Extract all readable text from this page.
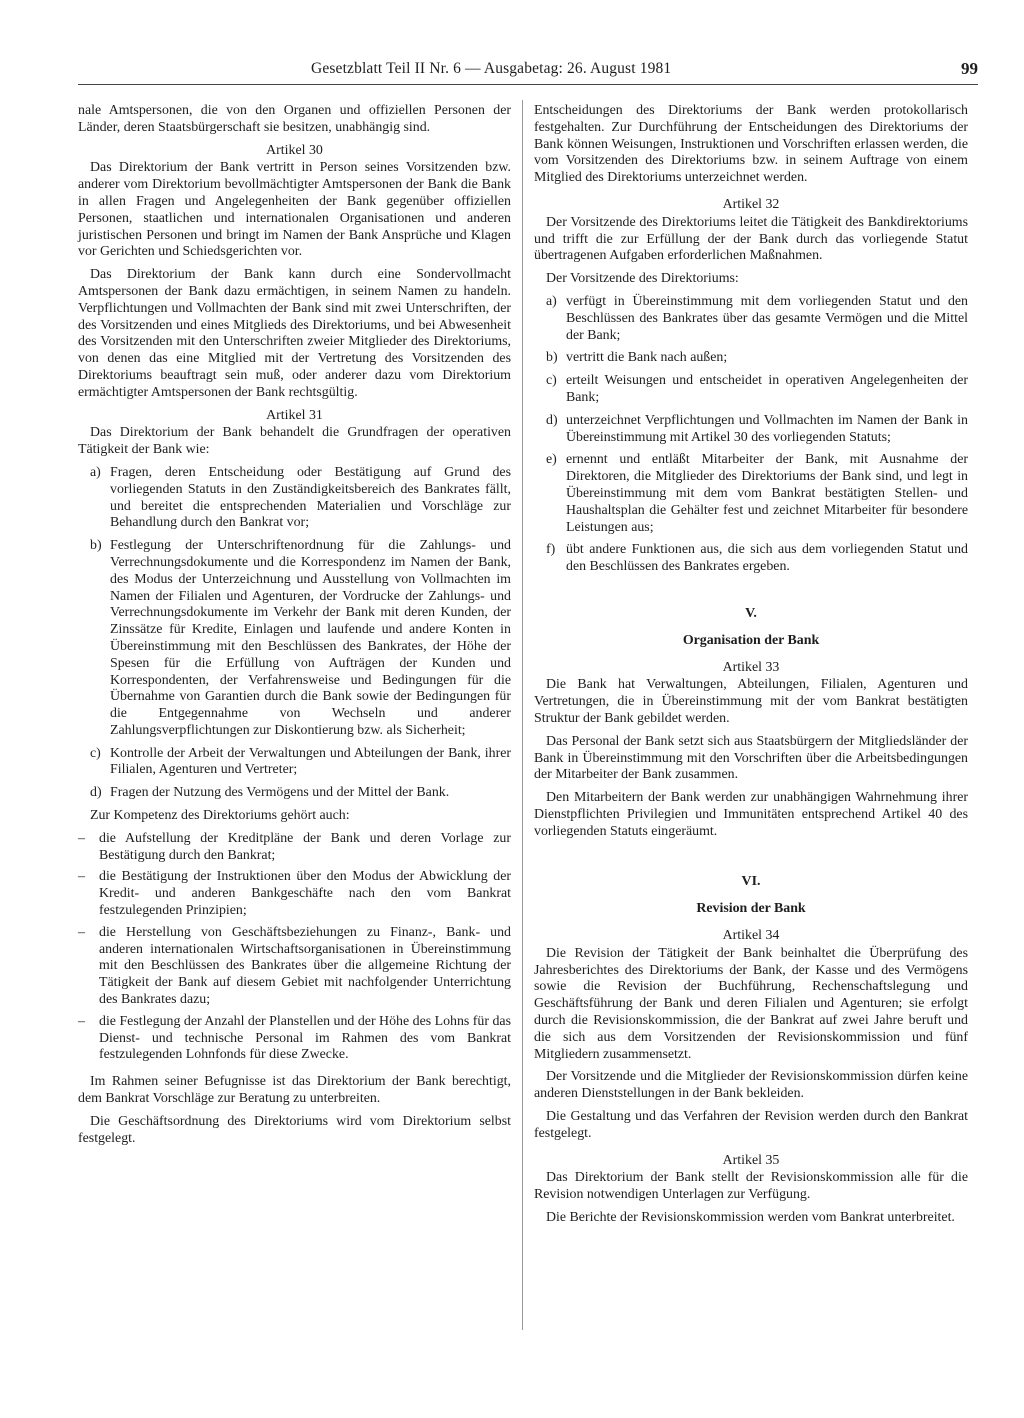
Gesetzblatt Teil II Nr. 6 — Ausgabetag: 26. August 1981	99

nale Amtspersonen, die von den Organen und offiziellen Personen der Länder, deren Staatsbürgerschaft sie besitzen, unabhängig sind.

Artikel 30

Das Direktorium der Bank vertritt in Person seines Vorsitzenden bzw. anderer vom Direktorium bevollmächtigter Amtspersonen der Bank die Bank in allen Fragen und Angelegenheiten der Bank gegenüber offiziellen Personen, staatlichen und internationalen Organisationen und anderen juristischen Personen und bringt im Namen der Bank Ansprüche und Klagen vor Gerichten und Schiedsgerichten vor.

Das Direktorium der Bank kann durch eine Sondervollmacht Amtspersonen der Bank dazu ermächtigen, in seinem Namen zu handeln. Verpflichtungen und Vollmachten der Bank sind mit zwei Unterschriften, der des Vorsitzenden und eines Mitglieds des Direktoriums, und bei Abwesenheit des Vorsitzenden mit den Unterschriften zweier Mitglieder des Direktoriums, von denen das eine Mitglied mit der Vertretung des Vorsitzenden des Direktoriums beauftragt sein muß, oder anderer dazu vom Direktorium ermächtigter Amtspersonen der Bank rechtsgültig.

Artikel 31

Das Direktorium der Bank behandelt die Grundfragen der operativen Tätigkeit der Bank wie:

a) Fragen, deren Entscheidung oder Bestätigung auf Grund des vorliegenden Statuts in den Zuständigkeitsbereich des Bankrates fällt, und bereitet die entsprechenden Materialien und Vorschläge zur Behandlung durch den Bankrat vor;
b) Festlegung der Unterschriftenordnung für die Zahlungs- und Verrechnungsdokumente und die Korrespondenz im Namen der Bank, des Modus der Unterzeichnung und Ausstellung von Vollmachten im Namen der Filialen und Agenturen, der Vordrucke der Zahlungs- und Verrechnungsdokumente im Verkehr der Bank mit deren Kunden, der Zinssätze für Kredite, Einlagen und laufende und andere Konten in Übereinstimmung mit den Beschlüssen des Bankrates, der Höhe der Spesen für die Erfüllung von Aufträgen der Kunden und Korrespondenten, der Verfahrensweise und Bedingungen für die Übernahme von Garantien durch die Bank sowie der Bedingungen für die Entgegennahme von Wechseln und anderer Zahlungsverpflichtungen zur Diskontierung bzw. als Sicherheit;
c) Kontrolle der Arbeit der Verwaltungen und Abteilungen der Bank, ihrer Filialen, Agenturen und Vertreter;
d) Fragen der Nutzung des Vermögens und der Mittel der Bank.

Zur Kompetenz des Direktoriums gehört auch:

– die Aufstellung der Kreditpläne der Bank und deren Vorlage zur Bestätigung durch den Bankrat;
– die Bestätigung der Instruktionen über den Modus der Abwicklung der Kredit- und anderen Bankgeschäfte nach den vom Bankrat festzulegenden Prinzipien;
– die Herstellung von Geschäftsbeziehungen zu Finanz-, Bank- und anderen internationalen Wirtschaftsorganisationen in Übereinstimmung mit den Beschlüssen des Bankrates über die allgemeine Richtung der Tätigkeit der Bank auf diesem Gebiet mit nachfolgender Unterrichtung des Bankrates dazu;
– die Festlegung der Anzahl der Planstellen und der Höhe des Lohns für das Dienst- und technische Personal im Rahmen des vom Bankrat festzulegenden Lohnfonds für diese Zwecke.

Im Rahmen seiner Befugnisse ist das Direktorium der Bank berechtigt, dem Bankrat Vorschläge zur Beratung zu unterbreiten.

Die Geschäftsordnung des Direktoriums wird vom Direktorium selbst festgelegt.

Entscheidungen des Direktoriums der Bank werden protokollarisch festgehalten. Zur Durchführung der Entscheidungen des Direktoriums der Bank können Weisungen, Instruktionen und Vorschriften erlassen werden, die vom Vorsitzenden des Direktoriums bzw. in seinem Auftrage von einem Mitglied des Direktoriums unterzeichnet werden.

Artikel 32

Der Vorsitzende des Direktoriums leitet die Tätigkeit des Bankdirektoriums und trifft die zur Erfüllung der der Bank durch das vorliegende Statut übertragenen Aufgaben erforderlichen Maßnahmen.

Der Vorsitzende des Direktoriums:

a) verfügt in Übereinstimmung mit dem vorliegenden Statut und den Beschlüssen des Bankrates über das gesamte Vermögen und die Mittel der Bank;
b) vertritt die Bank nach außen;
c) erteilt Weisungen und entscheidet in operativen Angelegenheiten der Bank;
d) unterzeichnet Verpflichtungen und Vollmachten im Namen der Bank in Übereinstimmung mit Artikel 30 des vorliegenden Statuts;
e) ernennt und entläßt Mitarbeiter der Bank, mit Ausnahme der Direktoren, die Mitglieder des Direktoriums der Bank sind, und legt in Übereinstimmung mit dem vom Bankrat bestätigten Stellen- und Haushaltsplan die Gehälter fest und zeichnet Mitarbeiter für besondere Leistungen aus;
f) übt andere Funktionen aus, die sich aus dem vorliegenden Statut und den Beschlüssen des Bankrates ergeben.
V.
Organisation der Bank
Artikel 33

Die Bank hat Verwaltungen, Abteilungen, Filialen, Agenturen und Vertretungen, die in Übereinstimmung mit der vom Bankrat bestätigten Struktur der Bank gebildet werden.

Das Personal der Bank setzt sich aus Staatsbürgern der Mitgliedsländer der Bank in Übereinstimmung mit den Vorschriften über die Arbeitsbedingungen der Mitarbeiter der Bank zusammen.

Den Mitarbeitern der Bank werden zur unabhängigen Wahrnehmung ihrer Dienstpflichten Privilegien und Immunitäten entsprechend Artikel 40 des vorliegenden Statuts eingeräumt.

VI.
Revision der Bank
Artikel 34

Die Revision der Tätigkeit der Bank beinhaltet die Überprüfung des Jahresberichtes des Direktoriums der Bank, der Kasse und des Vermögens sowie die Revision der Buchführung, Rechenschaftslegung und Geschäftsführung der Bank und deren Filialen und Agenturen; sie erfolgt durch die Revisionskommission, die der Bankrat auf zwei Jahre beruft und die sich aus dem Vorsitzenden der Revisionskommission und fünf Mitgliedern zusammensetzt.

Der Vorsitzende und die Mitglieder der Revisionskommission dürfen keine anderen Dienststellungen in der Bank bekleiden.

Die Gestaltung und das Verfahren der Revision werden durch den Bankrat festgelegt.

Artikel 35

Das Direktorium der Bank stellt der Revisionskommission alle für die Revision notwendigen Unterlagen zur Verfügung.

Die Berichte der Revisionskommission werden vom Bankrat unterbreitet.
